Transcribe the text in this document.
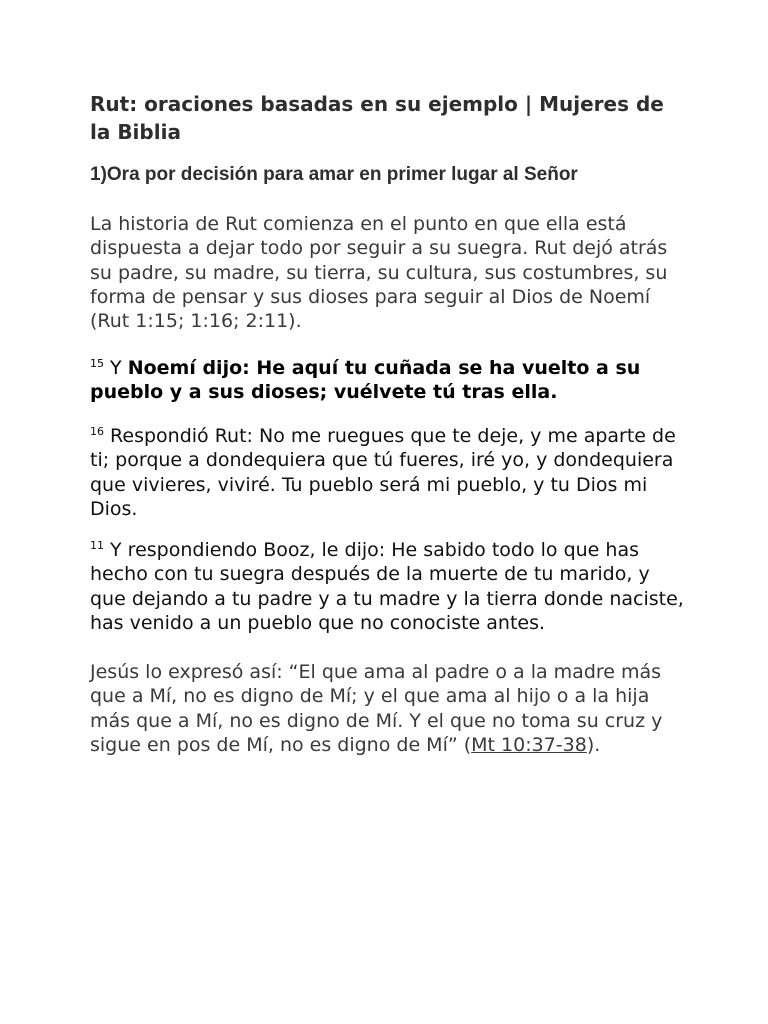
Rut: oraciones basadas en su ejemplo | Mujeres de la Biblia
1)Ora por decisión para amar en primer lugar al Señor

La historia de Rut comienza en el punto en que ella está dispuesta a dejar todo por seguir a su suegra. Rut dejó atrás su padre, su madre, su tierra, su cultura, sus costumbres, su forma de pensar y sus dioses para seguir al Dios de Noemí (Rut 1:15; 1:16; 2:11).

$^{15}$ Y Noemí dijo: He aquí tu cuñada se ha vuelto a su pueblo y a sus dioses; vuélvete tú tras ella.

$^{16}$ Respondió Rut: No me ruegues que te deje, y me aparte de ti; porque a dondequiera que tú fueres, iré yo, y dondequiera que vivieres, viviré. Tu pueblo será mi pueblo, y tu Dios mi Dios.

$^{11}$ Y respondiendo Booz, le dijo: He sabido todo lo que has hecho con tu suegra después de la muerte de tu marido, y que dejando a tu padre y a tu madre y la tierra donde naciste, has venido a un pueblo que no conociste antes.

Jesús lo expresó así: “El que ama al padre o a la madre más que a Mí, no es digno de Mí; y el que ama al hijo o a la hija más que a Mí, no es digno de Mí. Y el que no toma su cruz y sigue en pos de Mí, no es digno de Mí” (Mt 10:37-38).
